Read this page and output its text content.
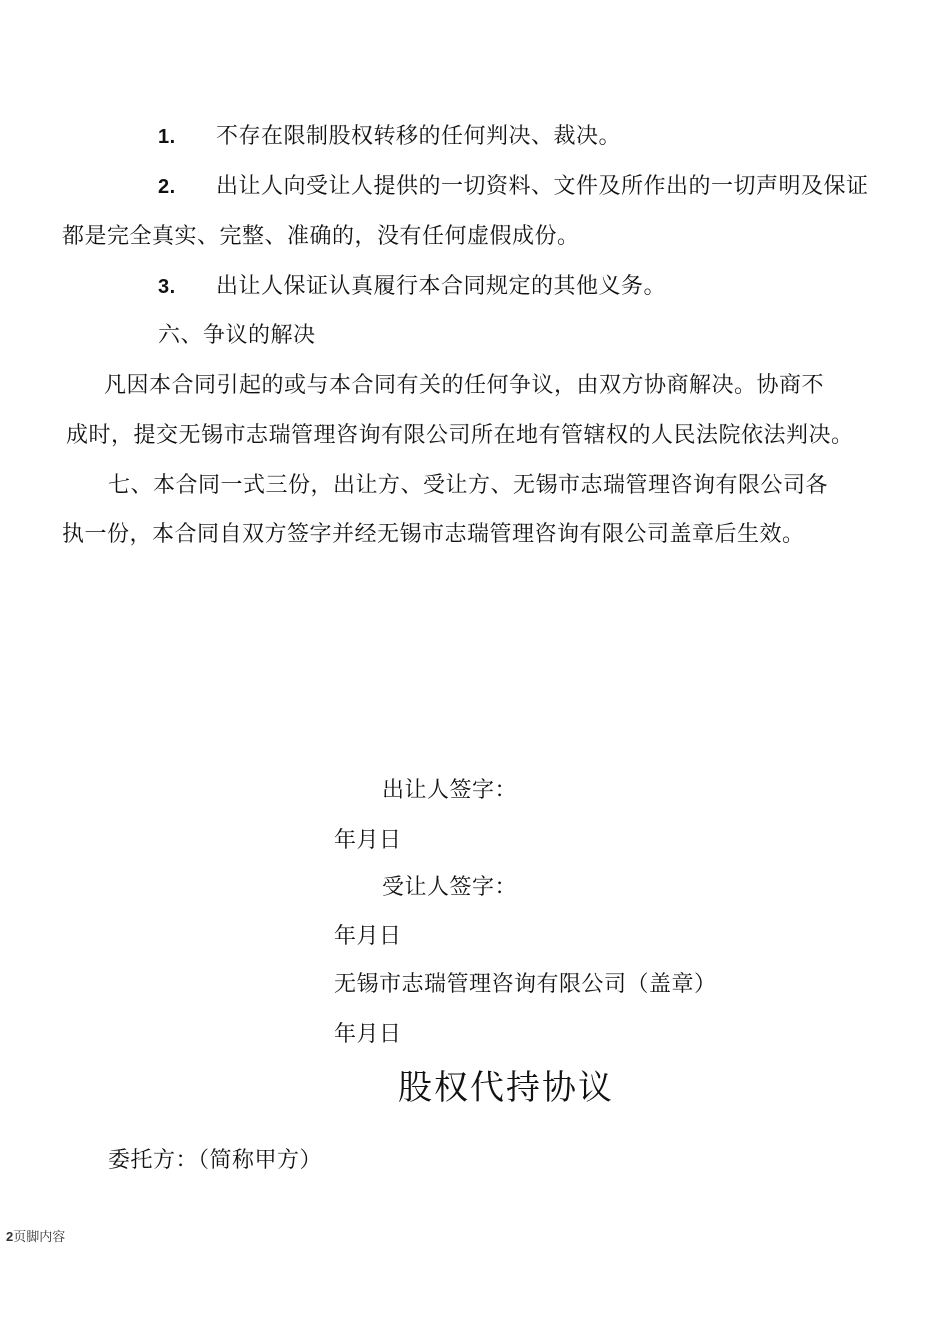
1. 不存在限制股权转移的任何判决、裁决。
2. 出让人向受让人提供的一切资料、文件及所作出的一切声明及保证
都是完全真实、完整、准确的，没有任何虚假成份。
3. 出让人保证认真履行本合同规定的其他义务。
六、争议的解决
凡因本合同引起的或与本合同有关的任何争议，由双方协商解决。协商不
成时，提交无锡市志瑞管理咨询有限公司所在地有管辖权的人民法院依法判决。
七、本合同一式三份，出让方、受让方、无锡市志瑞管理咨询有限公司各
执一份，本合同自双方签字并经无锡市志瑞管理咨询有限公司盖章后生效。
出让人签字：
年月日
受让人签字：
年月日
无锡市志瑞管理咨询有限公司（盖章）
年月日
股权代持协议
委托方：（简称甲方）
2页脚内容
